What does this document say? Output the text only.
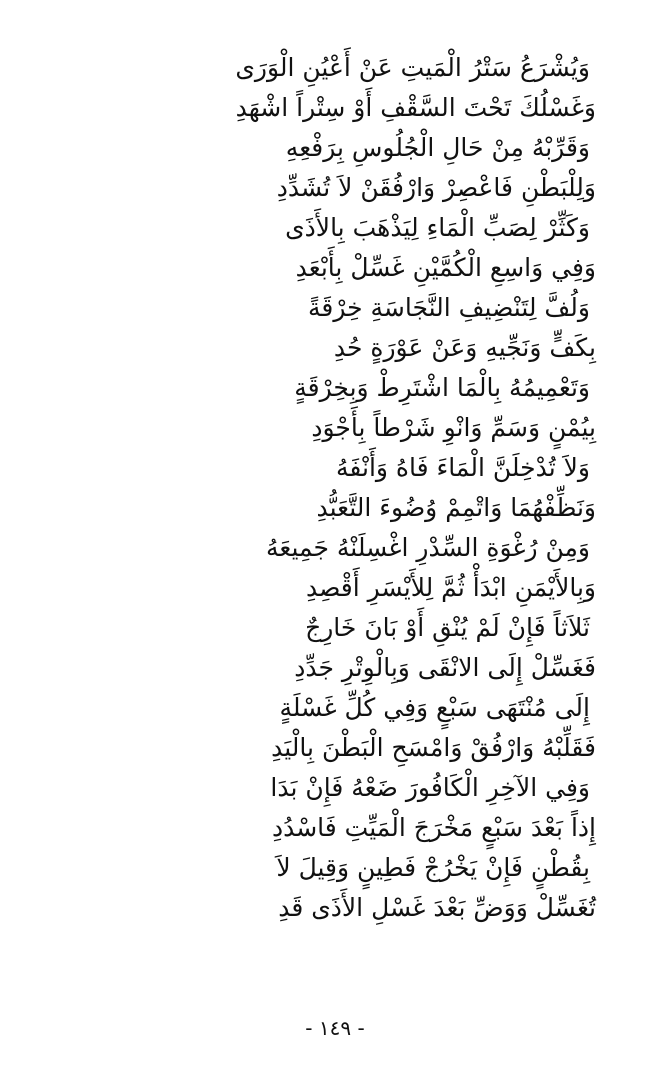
وَيُشْرَعُ سَتْرُ الْمَيتِ عَنْ أَعْيُنِ الْوَرَى
وَغَسْلُكَ تَحْتَ السَّقْفِ أَوْ سِتْراً اشْهَدِ
وَقَرِّبْهُ مِنْ حَالِ الْجُلُوسِ بِرَفْعِهِ
وَلِلْبَطْنِ فَاعْصِرْ وَارْفُقَنْ لاَ تُشَدِّدِ
وَكَثِّرْ لِصَبِّ الْمَاءِ لِيَذْهَبَ بِالأَذَى
وَفِي وَاسِعِ الْكُمَّيْنِ غَسِّلْ بِأَبْعَدِ
وَلُفَّ لِتَنْضِيفِ النَّجَاسَةِ خِرْقَةً
بِكَفٍّ وَنَجِّيهِ وَعَنْ عَوْرَةٍ حُدِ
وَتَعْمِيمُهُ بِالْمَا اشْتَرِطْ وَبِخِرْقَةٍ
بِيُمْنٍ وَسَمِّ وَانْوِ شَرْطاً بِأَجْوَدِ
وَلاَ تُدْخِلَنَّ الْمَاءَ فَاهُ وَأَنْفَهُ
وَنَظِّفْهُمَا وَاتْمِمْ وُضُوءَ التَّعَبُّدِ
وَمِنْ رُغْوَةِ السِّدْرِ اغْسِلَنْهُ جَمِيعَهُ
وَبِالأَيْمَنِ ابْدَأْ ثُمَّ لِلأَيْسَرِ أَقْصِدِ
ثَلاَثاً فَإِنْ لَمْ يُنْقِ أَوْ بَانَ خَارِجٌ
فَغَسِّلْ إِلَى الانْقَى وَبِالْوِتْرِ جَدِّدِ
إِلَى مُنْتَهَى سَبْعٍ وَفِي كُلِّ غَسْلَةٍ
فَقَلِّبْهُ وَارْفُقْ وَامْسَحِ الْبَطْنَ بِالْيَدِ
وَفِي الآخِرِ الْكَافُورَ ضَعْهُ فَإِنْ بَدَا
إِذاً بَعْدَ سَبْعٍ مَخْرَجَ الْمَيِّتِ فَاسْدُدِ
بِقُطْنٍ فَإِنْ يَخْرُجْ فَطِينٍ وَقِيلَ لاَ
تُغَسِّلْ وَوَضِّ بَعْدَ غَسْلِ الأَذَى قَدِ
- ١٤٩ -
